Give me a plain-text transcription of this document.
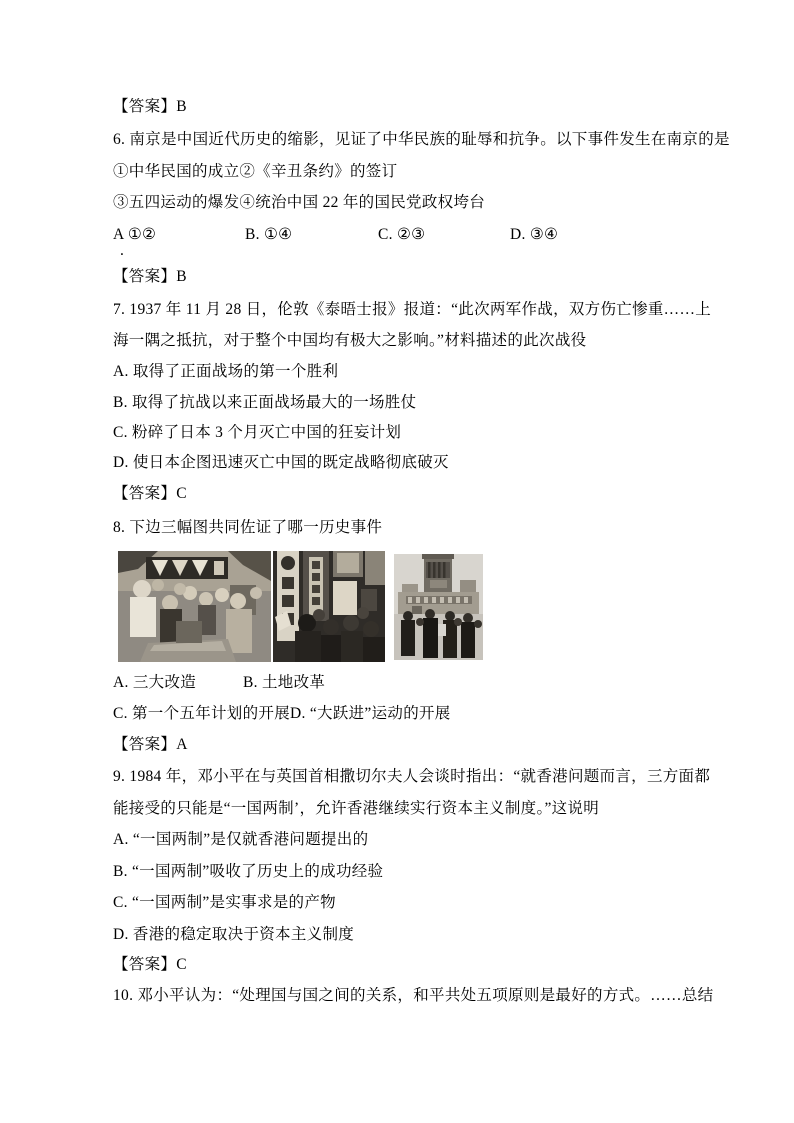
【答案】B
6. 南京是中国近代历史的缩影，见证了中华民族的耻辱和抗争。以下事件发生在南京的是
①中华民国的成立②《辛丑条约》的签订
③五四运动的爆发④统治中国 22 年的国民党政权垮台
A ①②	B. ①④	C. ②③	D. ③④
.
【答案】B
7. 1937 年 11 月 28 日，伦敦《泰晤士报》报道：“此次两军作战，双方伤亡惨重……上
海一隅之抵抗，对于整个中国均有极大之影响。”材料描述的此次战役
A. 取得了正面战场的第一个胜利
B. 取得了抗战以来正面战场最大的一场胜仗
C. 粉碎了日本 3 个月灭亡中国的狂妄计划
D. 使日本企图迅速灭亡中国的既定战略彻底破灭
【答案】C
8. 下边三幅图共同佐证了哪一历史事件
A. 三大改造	B. 土地改革
C. 第一个五年计划的开展D. “大跃进”运动的开展
【答案】A
9. 1984 年，邓小平在与英国首相撒切尔夫人会谈时指出：“就香港问题而言，三方面都
能接受的只能是“一国两制’，允许香港继续实行资本主义制度。”这说明
A. “一国两制”是仅就香港问题提出的
B. “一国两制”吸收了历史上的成功经验
C. “一国两制”是实事求是的产物
D. 香港的稳定取决于资本主义制度
【答案】C
10. 邓小平认为：“处理国与国之间的关系，和平共处五项原则是最好的方式。……总结
